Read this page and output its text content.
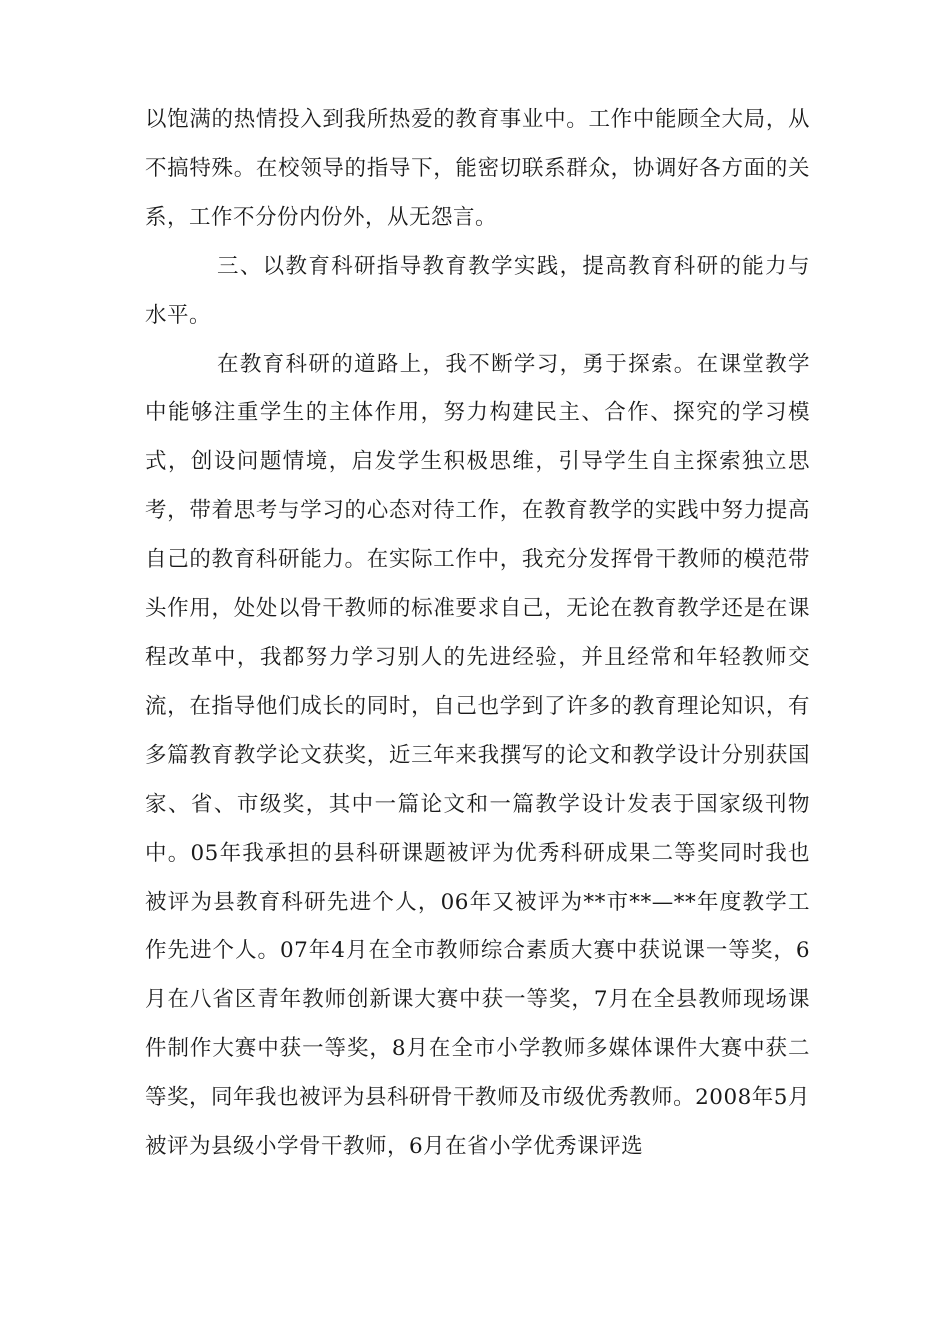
以饱满的热情投入到我所热爱的教育事业中。工作中能顾全大局，从不搞特殊。在校领导的指导下，能密切联系群众，协调好各方面的关系，工作不分份内份外，从无怨言。

三、以教育科研指导教育教学实践，提高教育科研的能力与水平。

在教育科研的道路上，我不断学习，勇于探索。在课堂教学中能够注重学生的主体作用，努力构建民主、合作、探究的学习模式，创设问题情境，启发学生积极思维，引导学生自主探索独立思考，带着思考与学习的心态对待工作，在教育教学的实践中努力提高自己的教育科研能力。在实际工作中，我充分发挥骨干教师的模范带头作用，处处以骨干教师的标准要求自己，无论在教育教学还是在课程改革中，我都努力学习别人的先进经验，并且经常和年轻教师交流，在指导他们成长的同时，自己也学到了许多的教育理论知识，有多篇教育教学论文获奖，近三年来我撰写的论文和教学设计分别获国家、省、市级奖，其中一篇论文和一篇教学设计发表于国家级刊物中。05年我承担的县科研课题被评为优秀科研成果二等奖同时我也被评为县教育科研先进个人，06年又被评为**市**—**年度教学工作先进个人。07年4月在全市教师综合素质大赛中获说课一等奖，6月在八省区青年教师创新课大赛中获一等奖，7月在全县教师现场课件制作大赛中获一等奖，8月在全市小学教师多媒体课件大赛中获二等奖，同年我也被评为县科研骨干教师及市级优秀教师。2008年5月被评为县级小学骨干教师，6月在省小学优秀课评选
